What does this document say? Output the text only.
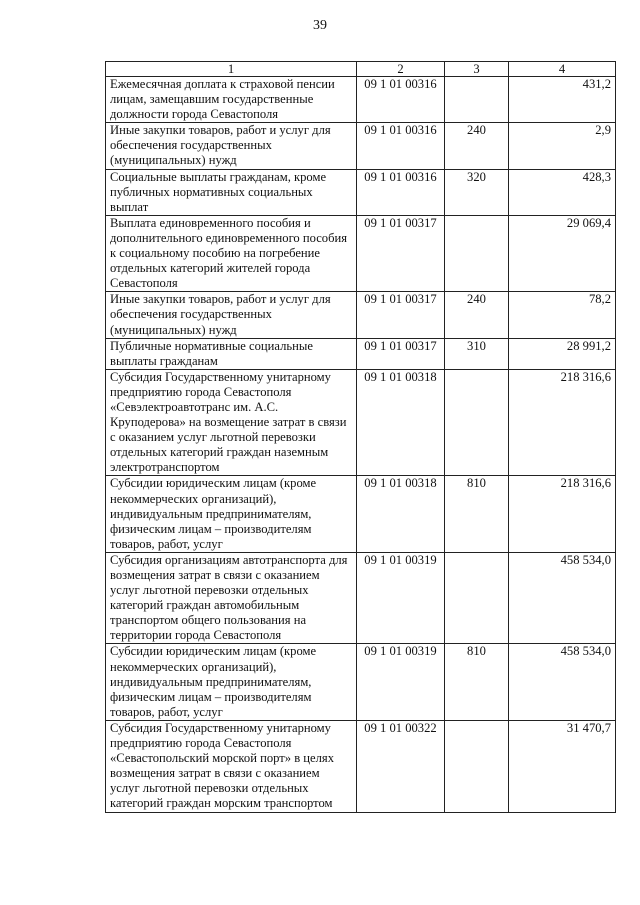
39
1	2	3	4
Ежемесячная доплата к страховой пенсии лицам, замещавшим государственные должности города Севастополя	09 1 01 00316		431,2
Иные закупки товаров, работ и услуг для обеспечения государственных (муниципальных) нужд	09 1 01 00316	240	2,9
Социальные выплаты гражданам, кроме публичных нормативных социальных выплат	09 1 01 00316	320	428,3
Выплата единовременного пособия и дополнительного единовременного пособия к социальному пособию на погребение отдельных категорий жителей города Севастополя	09 1 01 00317		29 069,4
Иные закупки товаров, работ и услуг для обеспечения государственных (муниципальных) нужд	09 1 01 00317	240	78,2
Публичные нормативные социальные выплаты гражданам	09 1 01 00317	310	28 991,2
Субсидия Государственному унитарному предприятию города Севастополя «Севэлектроавтотранс им. А.С. Круподерова» на возмещение затрат в связи с оказанием услуг льготной перевозки отдельных категорий граждан наземным электротранспортом	09 1 01 00318		218 316,6
Субсидии юридическим лицам (кроме некоммерческих организаций), индивидуальным предпринимателям, физическим лицам – производителям товаров, работ, услуг	09 1 01 00318	810	218 316,6
Субсидия организациям автотранспорта для возмещения затрат в связи с оказанием услуг льготной перевозки отдельных категорий граждан автомобильным транспортом общего пользования на территории города Севастополя	09 1 01 00319		458 534,0
Субсидии юридическим лицам (кроме некоммерческих организаций), индивидуальным предпринимателям, физическим лицам – производителям товаров, работ, услуг	09 1 01 00319	810	458 534,0
Субсидия Государственному унитарному предприятию города Севастополя «Севастопольский морской порт» в целях возмещения затрат в связи с оказанием услуг льготной перевозки отдельных категорий граждан морским транспортом	09 1 01 00322		31 470,7
